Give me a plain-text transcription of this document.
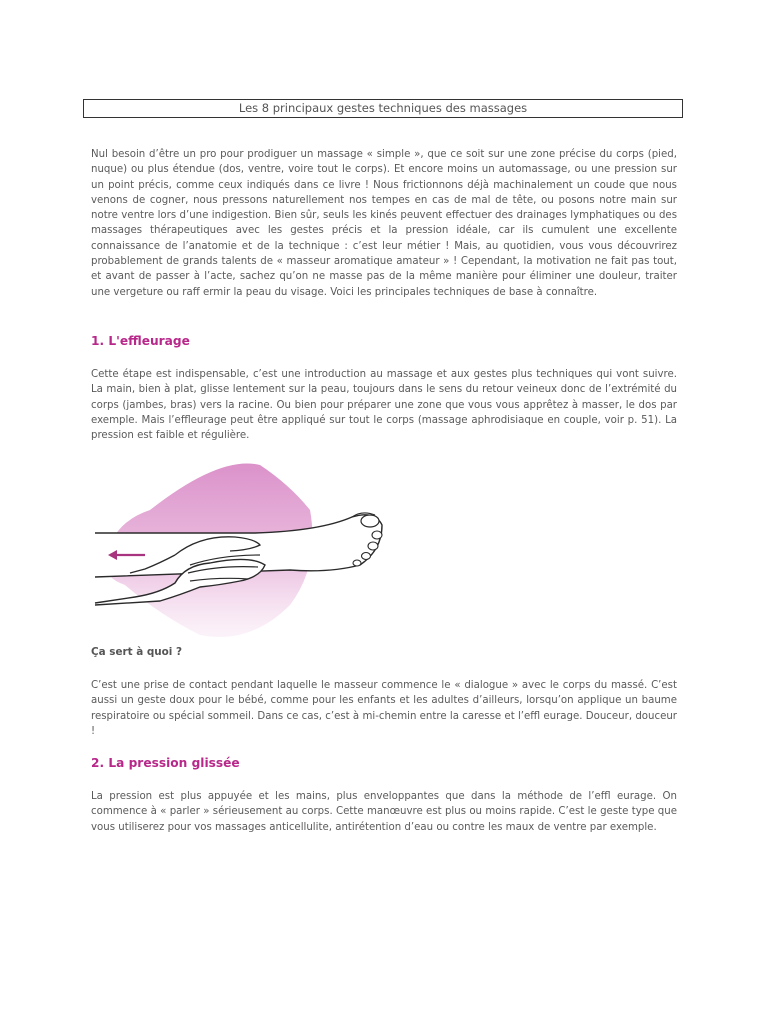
Les 8 principaux gestes techniques des massages

Nul besoin d’être un pro pour prodiguer un massage « simple », que ce soit sur une zone précise du corps (pied, nuque) ou plus étendue (dos, ventre, voire tout le corps). Et encore moins un automassage, ou une pression sur un point précis, comme ceux indiqués dans ce livre ! Nous frictionnons déjà machinalement un coude que nous venons de cogner, nous pressons naturellement nos tempes en cas de mal de tête, ou posons notre main sur notre ventre lors d’une indigestion. Bien sûr, seuls les kinés peuvent effectuer des drainages lymphatiques ou des massages thérapeutiques avec les gestes précis et la pression idéale, car ils cumulent une excellente connaissance de l’anatomie et de la technique : c’est leur métier ! Mais, au quotidien, vous vous découvrirez probablement de grands talents de « masseur aromatique amateur » ! Cependant, la motivation ne fait pas tout, et avant de passer à l’acte, sachez qu’on ne masse pas de la même manière pour éliminer une douleur, traiter une vergeture ou raff ermir la peau du visage. Voici les principales techniques de base à connaître.

1. L'effleurage

Cette étape est indispensable, c’est une introduction au massage et aux gestes plus techniques qui vont suivre. La main, bien à plat, glisse lentement sur la peau, toujours dans le sens du retour veineux donc de l’extrémité du corps (jambes, bras) vers la racine. Ou bien pour préparer une zone que vous vous apprêtez à masser, le dos par exemple. Mais l’effleurage peut être appliqué sur tout le corps (massage aphrodisiaque en couple, voir p. 51). La pression est faible et régulière.

Ça sert à quoi ?

C’est une prise de contact pendant laquelle le masseur commence le « dialogue » avec le corps du massé. C’est aussi un geste doux pour le bébé, comme pour les enfants et les adultes d’ailleurs, lorsqu’on applique un baume respiratoire ou spécial sommeil. Dans ce cas, c’est à mi-chemin entre la caresse et l’effl eurage. Douceur, douceur !

2. La pression glissée

La pression est plus appuyée et les mains, plus enveloppantes que dans la méthode de l’effl eurage. On commence à « parler » sérieusement au corps. Cette manœuvre est plus ou moins rapide. C’est le geste type que vous utiliserez pour vos massages anticellulite, antirétention d’eau ou contre les maux de ventre par exemple.
